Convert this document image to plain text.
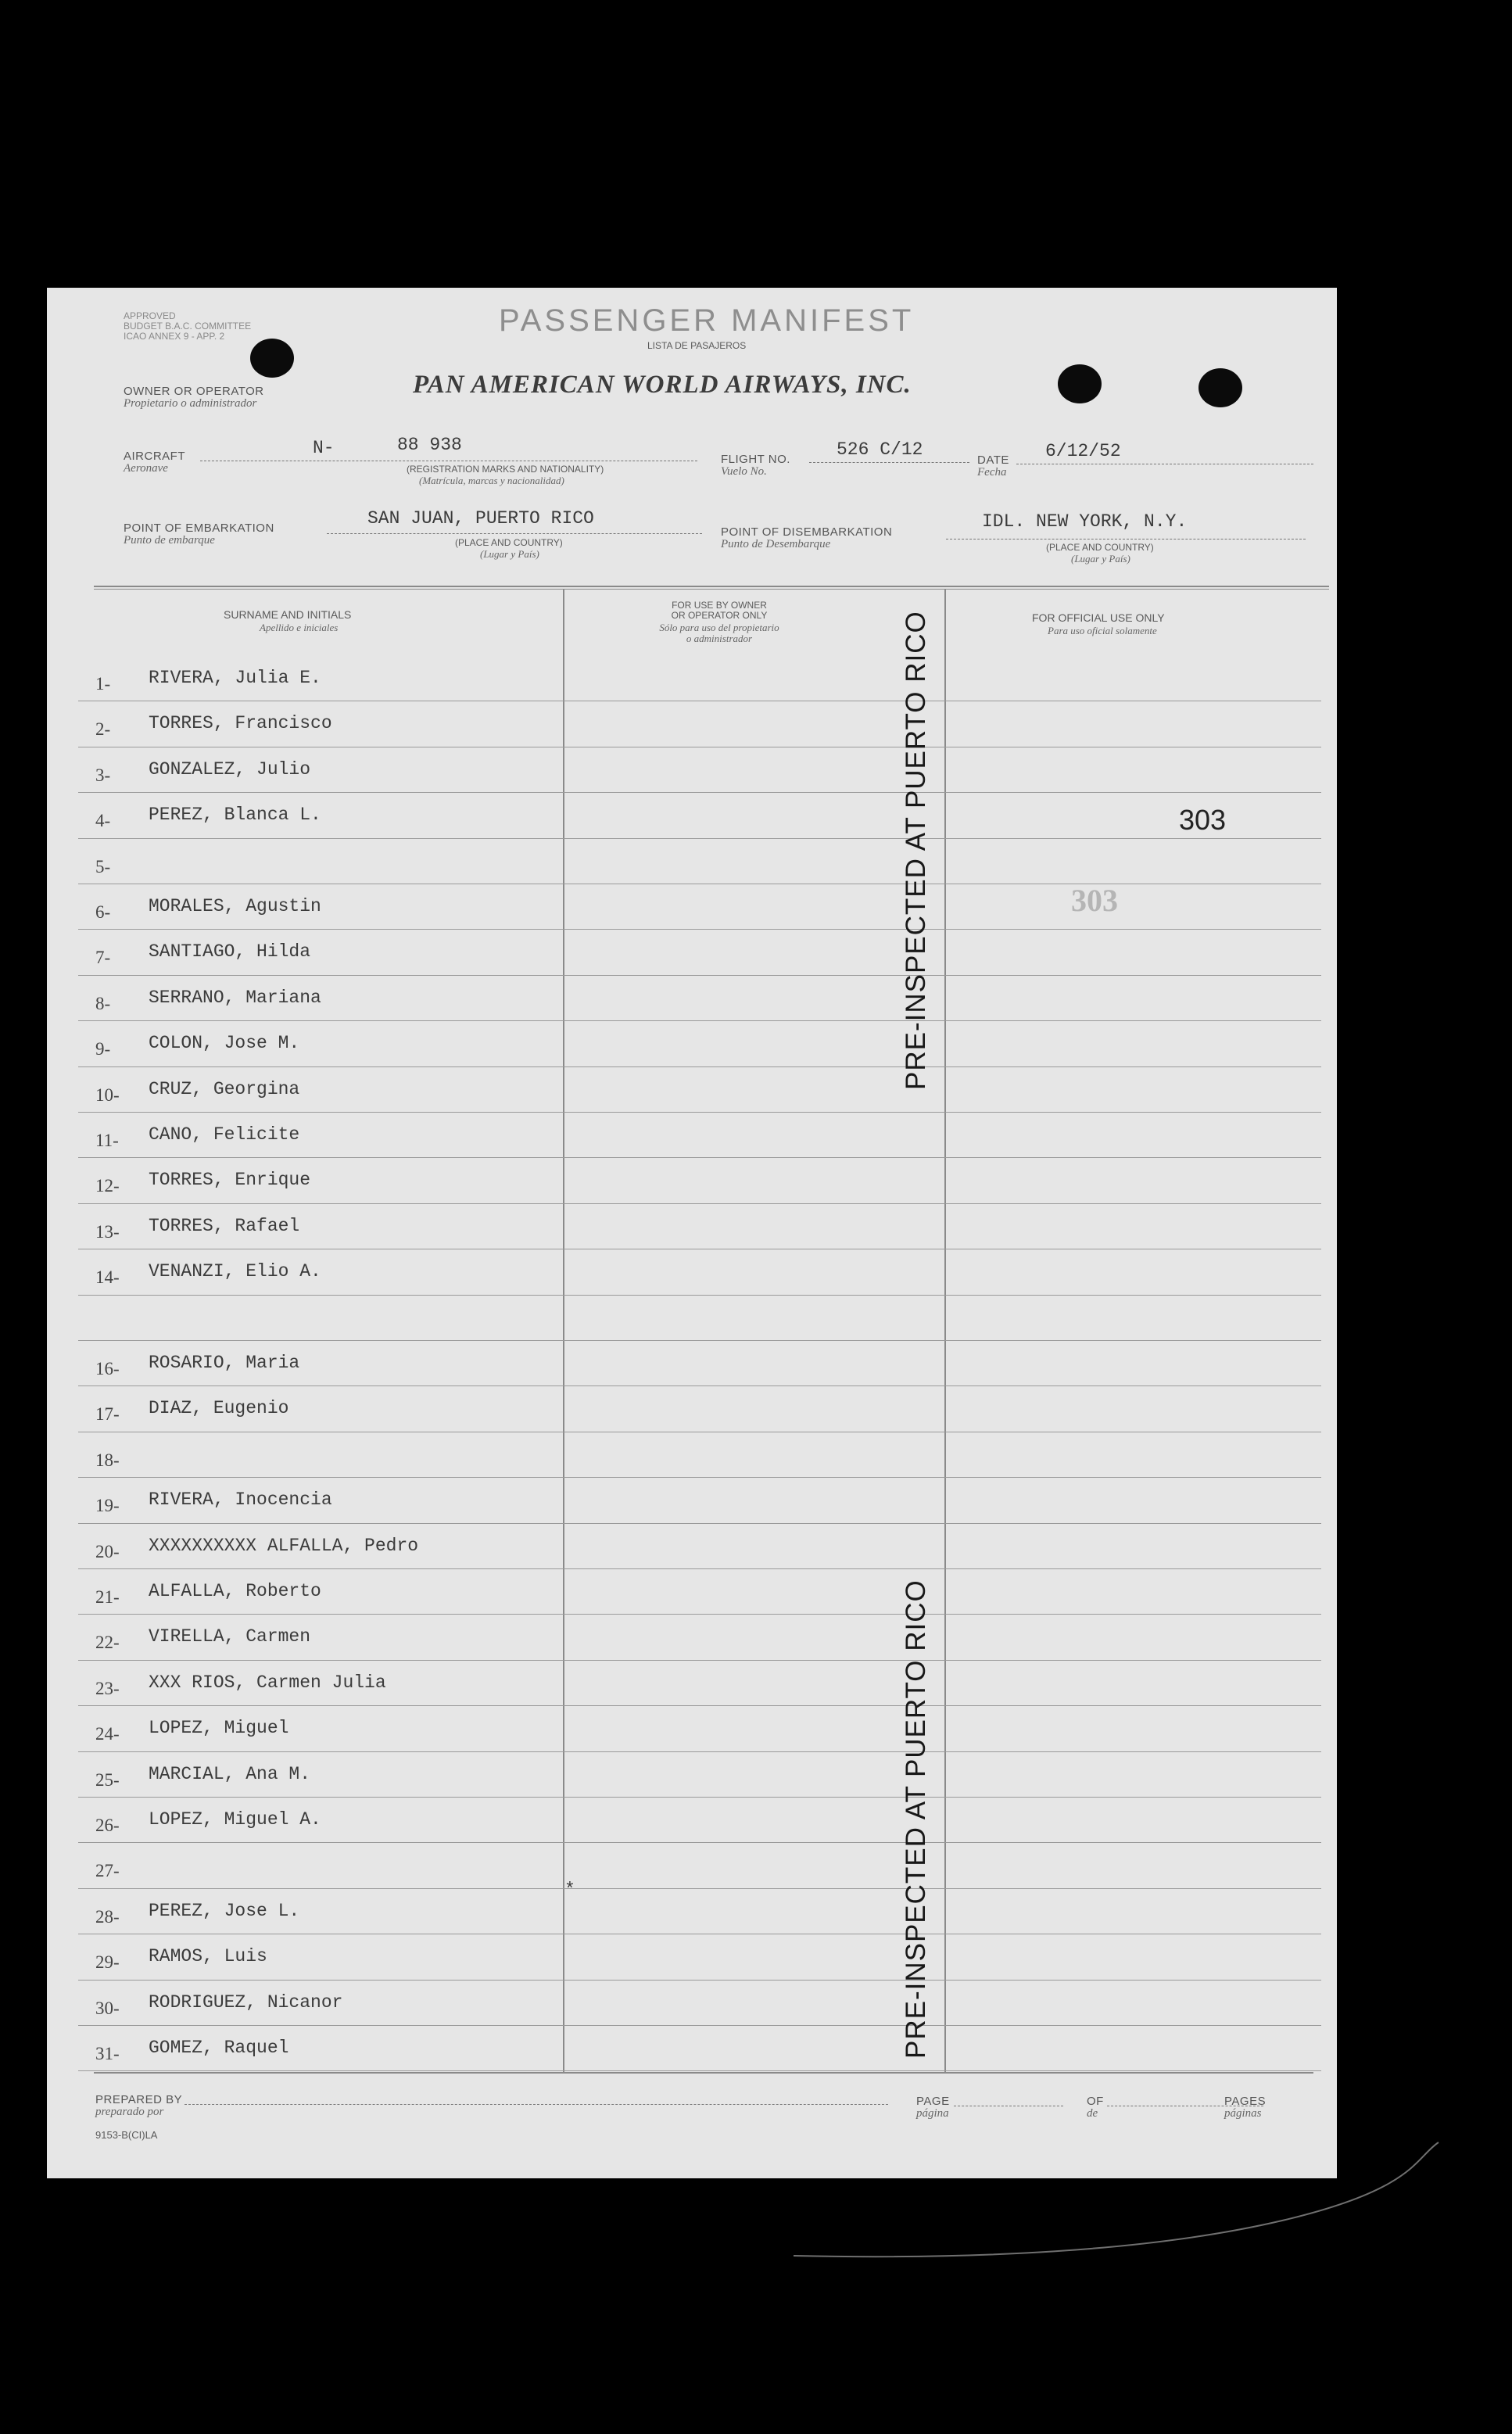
APPROVED
BUDGET B.A.C. COMMITTEE
ICAO ANNEX 9 - APP. 2	PASSENGER MANIFEST
LISTA DE PASAJEROS
OWNER OR OPERATOR
Propietario o administrador
PAN AMERICAN WORLD AIRWAYS, INC.
AIRCRAFT
Aeronave
N-	88 938
(REGISTRATION MARKS AND NATIONALITY)
(Matrícula, marcas y nacionalidad)
FLIGHT NO.
Vuelo No.
526 C/12
DATE
Fecha
6/12/52
POINT OF EMBARKATION
Punto de embarque
SAN JUAN, PUERTO RICO
(PLACE AND COUNTRY)
(Lugar y País)
POINT OF DISEMBARKATION
Punto de Desembarque
IDL. NEW YORK, N.Y.
(PLACE AND COUNTRY)
(Lugar y País)
SURNAME AND INITIALS
Apellido e iniciales
FOR USE BY OWNER
OR OPERATOR ONLY
Sólo para uso del propietario
o administrador
FOR OFFICIAL USE ONLY
Para uso oficial solamente
1-	RIVERA, Julia E.
2-	TORRES, Francisco
3-	GONZALEZ, Julio
4-	PEREZ, Blanca L.
5-
6-	MORALES, Agustin
7-	SANTIAGO, Hilda
8-	SERRANO, Mariana
9-	COLON, Jose M.
10-	CRUZ, Georgina
11-	CANO, Felicite
12-	TORRES, Enrique
13-	TORRES, Rafael
14-	VENANZI, Elio A.
16-	ROSARIO, Maria
17-	DIAZ, Eugenio
18-
19-	RIVERA, Inocencia
20-	XXXXXXXXXX ALFALLA, Pedro
21-	ALFALLA, Roberto
22-	VIRELLA, Carmen
23-	XXX RIOS, Carmen Julia
24-	LOPEZ, Miguel
25-	MARCIAL, Ana M.
26-	LOPEZ, Miguel A.
27-
28-	PEREZ, Jose L.
29-	RAMOS, Luis
30-	RODRIGUEZ, Nicanor
31-	GOMEZ, Raquel
PRE-INSPECTED AT PUERTO RICO
PRE-INSPECTED AT PUERTO RICO
303
303
*
PREPARED BY
preparado por
PAGE
página
OF
de
PAGES
páginas
9153-B(CI)LA
